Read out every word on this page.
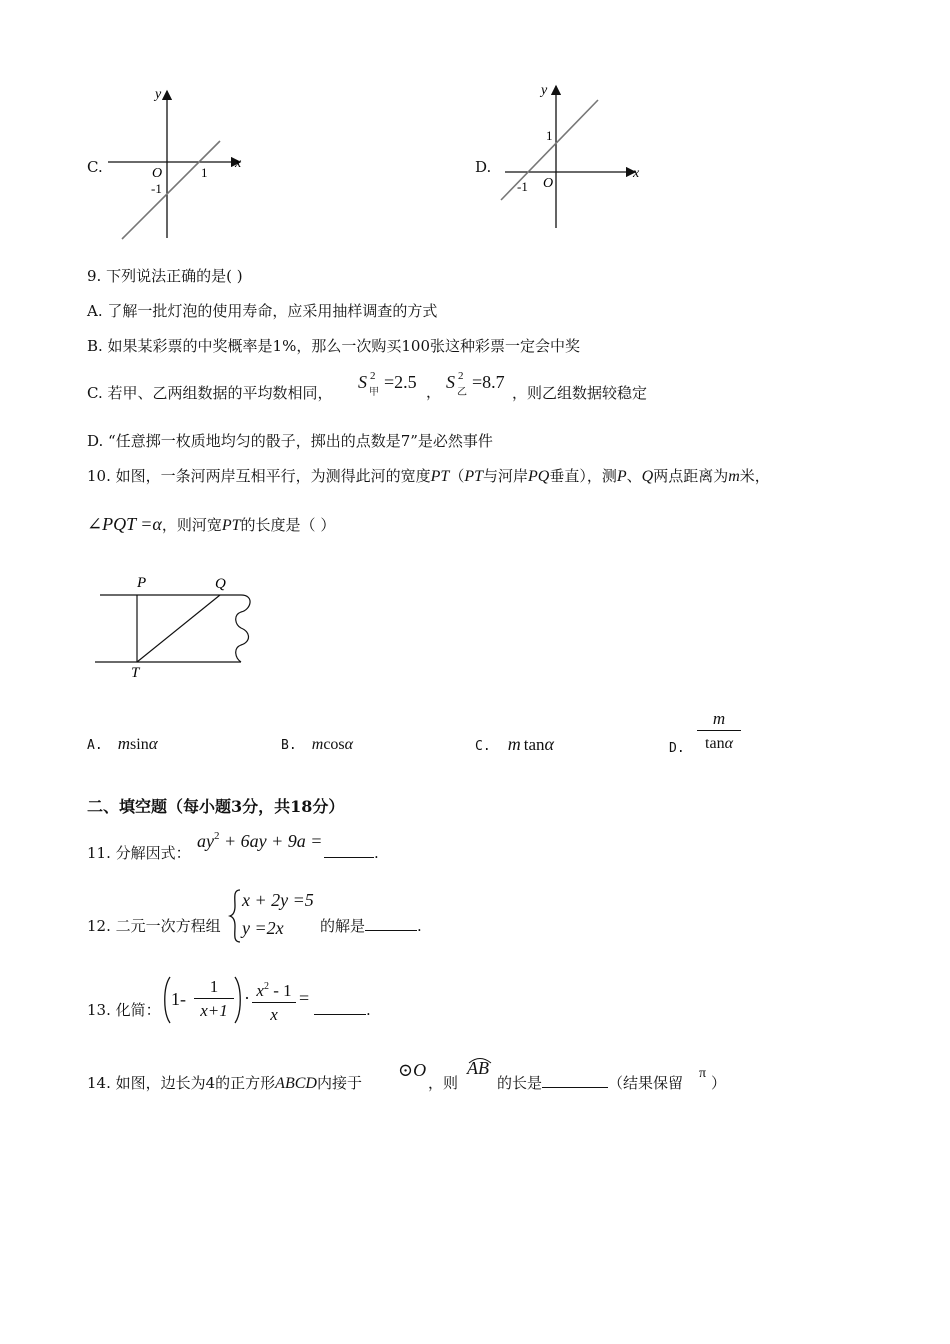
C.	x
y
O	1
-1
D.	x
y
O
-1
1
9. 下列说法正确的是( )
A. 了解一批灯泡的使用寿命，应采用抽样调查的方式
B. 如果某彩票的中奖概率是1%，那么一次购买100张这种彩票一定会中奖
C. 若甲、乙两组数据的平均数相同，
S 2
甲
=2.5 ， S 2
乙
=8.7
，则乙组数据较稳定
D. “任意掷一枚质地均匀的骰子，掷出的点数是7”是必然事件
10. 如图，一条河两岸互相平行，为测得此河的宽度PT（PT与河岸PQ垂直），测P、Q两点距离为m米，
∠PQT =α，则河宽PT的长度是（ ）
P	Q
T
A. msinα	B. mcosα	C. m tanα	D.
m
tanα
二、填空题（每小题3分，共18分）
11. 分解因式：
$ay^2 + 6ay + 9a$ =
.
12. 二元一次方程组
x + 2y =5
y =2x 的解是	.
13. 化简：
1-
1
x+1
· $x^2 - 1$
x
=
.
14. 如图，边长为4的正方形ABCD内接于
⊙O
，则
AB
的长是	（结果保留
π
）
